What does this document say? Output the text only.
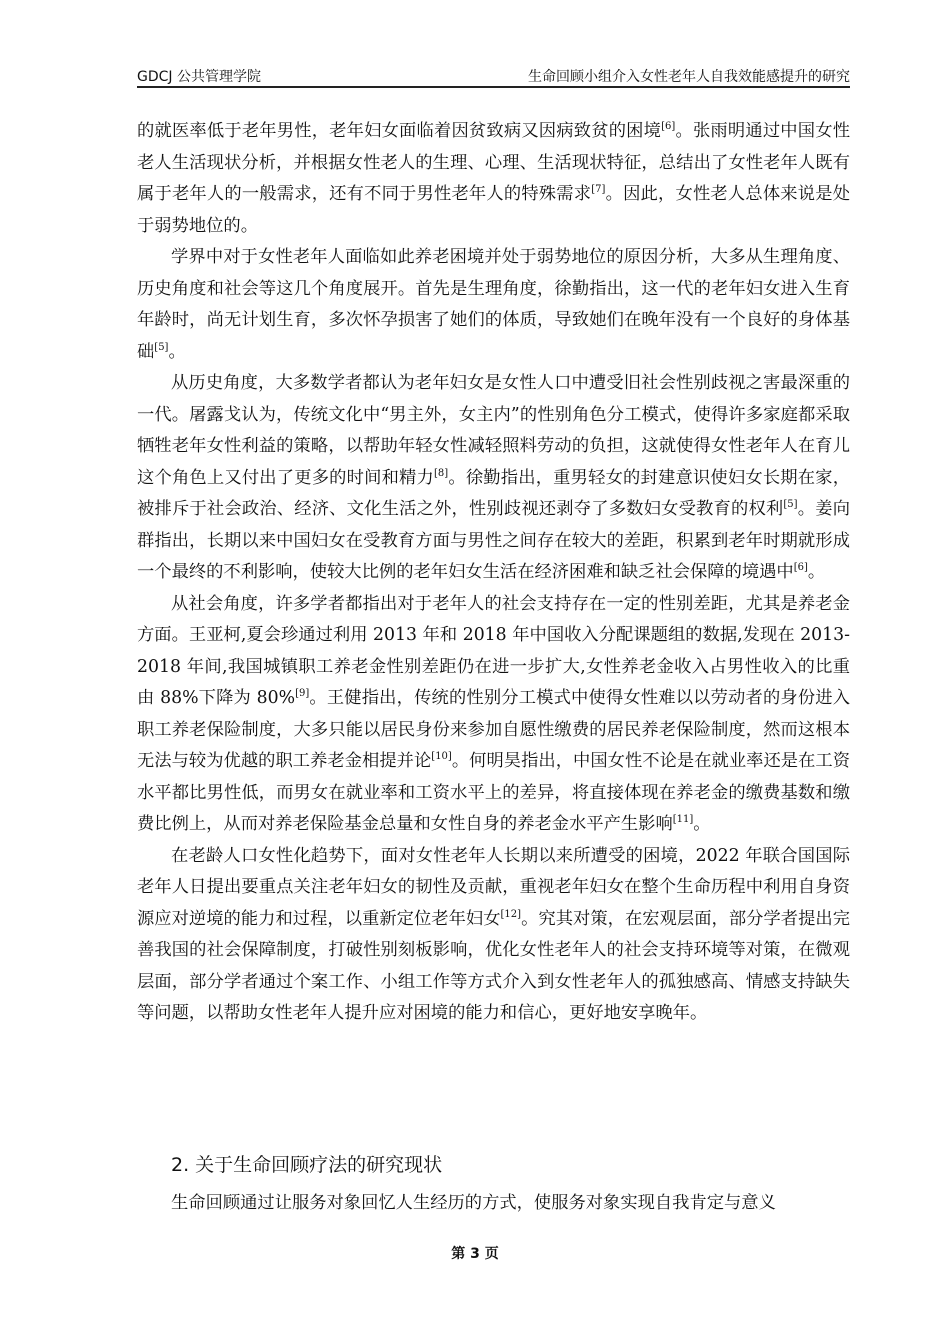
GDCJ 公共管理学院	生命回顾小组介入女性老年人自我效能感提升的研究

的就医率低于老年男性，老年妇女面临着因贫致病又因病致贫的困境[6]。张雨明通过中国女性老人生活现状分析，并根据女性老人的生理、心理、生活现状特征，总结出了女性老年人既有属于老年人的一般需求，还有不同于男性老年人的特殊需求[7]。因此，女性老人总体来说是处于弱势地位的。

学界中对于女性老年人面临如此养老困境并处于弱势地位的原因分析，大多从生理角度、历史角度和社会等这几个角度展开。首先是生理角度，徐勤指出，这一代的老年妇女进入生育年龄时，尚无计划生育，多次怀孕损害了她们的体质，导致她们在晚年没有一个良好的身体基础[5]。

从历史角度，大多数学者都认为老年妇女是女性人口中遭受旧社会性别歧视之害最深重的一代。屠露戈认为，传统文化中“男主外，女主内”的性别角色分工模式，使得许多家庭都采取牺牲老年女性利益的策略，以帮助年轻女性减轻照料劳动的负担，这就使得女性老年人在育儿这个角色上又付出了更多的时间和精力[8]。徐勤指出，重男轻女的封建意识使妇女长期在家，被排斥于社会政治、经济、文化生活之外，性别歧视还剥夺了多数妇女受教育的权利[5]。姜向群指出，长期以来中国妇女在受教育方面与男性之间存在较大的差距，积累到老年时期就形成一个最终的不利影响，使较大比例的老年妇女生活在经济困难和缺乏社会保障的境遇中[6]。

从社会角度，许多学者都指出对于老年人的社会支持存在一定的性别差距，尤其是养老金方面。王亚柯,夏会珍通过利用 2013 年和 2018 年中国收入分配课题组的数据,发现在 2013-2018 年间,我国城镇职工养老金性别差距仍在进一步扩大,女性养老金收入占男性收入的比重由 88%下降为 80%[9]。王健指出，传统的性别分工模式中使得女性难以以劳动者的身份进入职工养老保险制度，大多只能以居民身份来参加自愿性缴费的居民养老保险制度，然而这根本无法与较为优越的职工养老金相提并论[10]。何明昊指出，中国女性不论是在就业率还是在工资水平都比男性低，而男女在就业率和工资水平上的差异，将直接体现在养老金的缴费基数和缴费比例上，从而对养老保险基金总量和女性自身的养老金水平产生影响[11]。

在老龄人口女性化趋势下，面对女性老年人长期以来所遭受的困境，2022 年联合国国际老年人日提出要重点关注老年妇女的韧性及贡献，重视老年妇女在整个生命历程中利用自身资源应对逆境的能力和过程，以重新定位老年妇女[12]。究其对策，在宏观层面，部分学者提出完善我国的社会保障制度，打破性别刻板影响，优化女性老年人的社会支持环境等对策，在微观层面，部分学者通过个案工作、小组工作等方式介入到女性老年人的孤独感高、情感支持缺失等问题，以帮助女性老年人提升应对困境的能力和信心，更好地安享晚年。

2. 关于生命回顾疗法的研究现状

生命回顾通过让服务对象回忆人生经历的方式，使服务对象实现自我肯定与意义

第 3 页
